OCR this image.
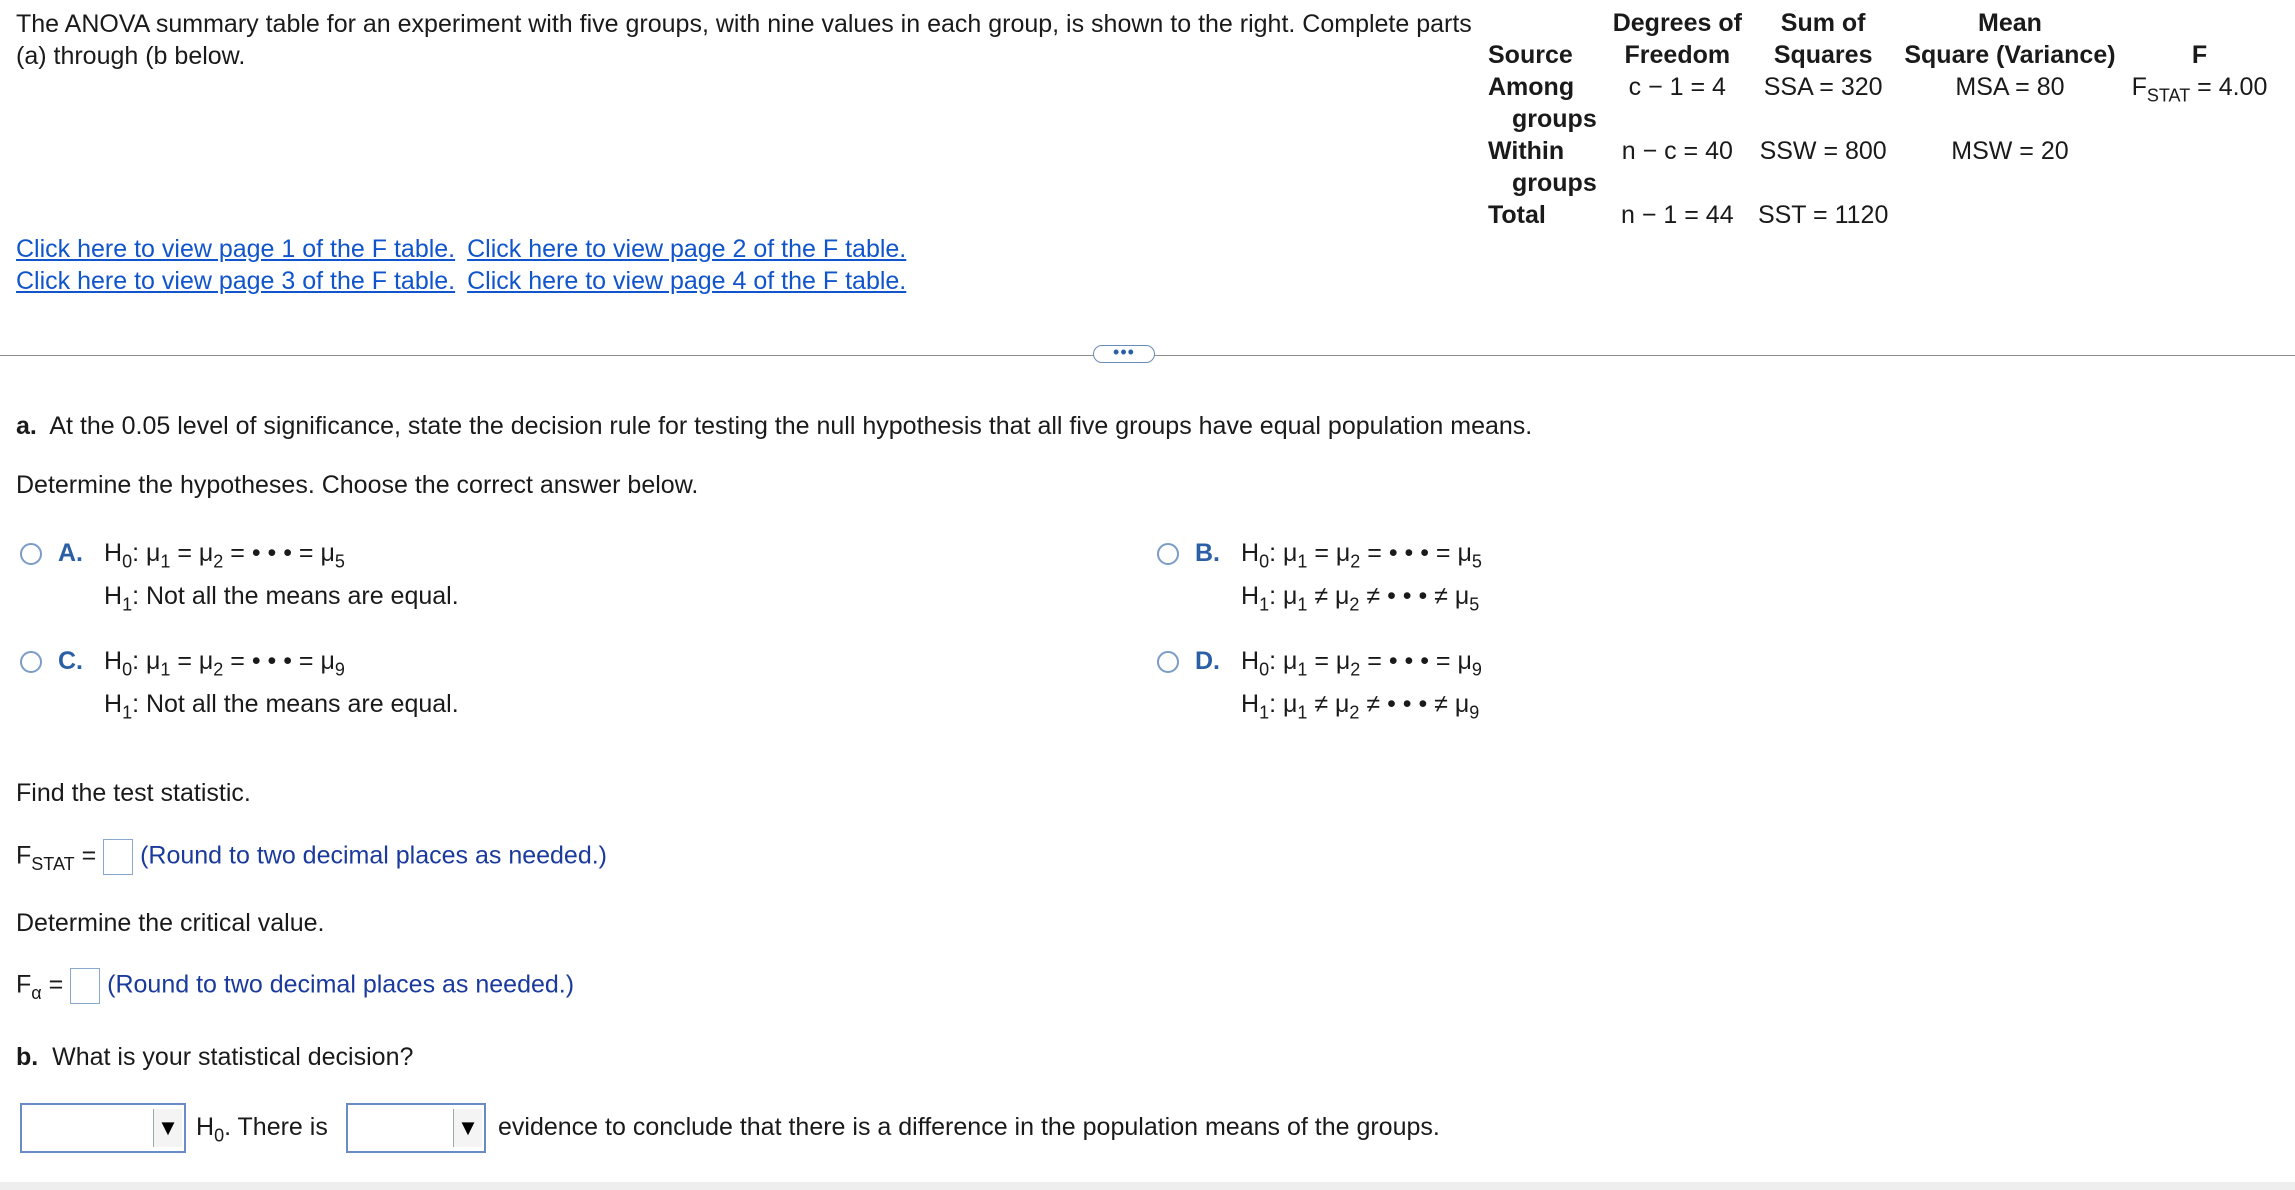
The ANOVA summary table for an experiment with five groups, with nine values in each group, is shown to the right. Complete parts (a) through (b below.
	Degrees of	Sum of	Mean	
Source	Freedom	Squares	Square (Variance)	F
Among
groups	c − 1 = 4	SSA = 320	MSA = 80	$F_{STAT} = 4.00$
Within
groups	n − c = 40	SSW = 800	MSW = 20	
Total	n − 1 = 44	SST = 1120		
Click here to view page 1 of the F table. Click here to view page 2 of the F table.
Click here to view page 3 of the F table. Click here to view page 4 of the F table.
•••
a. At the 0.05 level of significance, state the decision rule for testing the null hypothesis that all five groups have equal population means.
Determine the hypotheses. Choose the correct answer below.
A. $H_0$: $\mu_1 = \mu_2$ = • • • = $\mu_5$
$H_1$: Not all the means are equal.
B. $H_0$: $\mu_1 = \mu_2$ = • • • = $\mu_5$
$H_1$: $\mu_1 \ne \mu_2$ ≠ • • • ≠ $\mu_5$
C. $H_0$: $\mu_1 = \mu_2$ = • • • = $\mu_9$
$H_1$: Not all the means are equal.
D. $H_0$: $\mu_1 = \mu_2$ = • • • = $\mu_9$
$H_1$: $\mu_1 \ne \mu_2$ ≠ • • • ≠ $\mu_9$
Find the test statistic.
$F_{STAT}$ = (Round to two decimal places as needed.)
Determine the critical value.
$F_\alpha$ = (Round to two decimal places as needed.)
b. What is your statistical decision?
▼ $H_0$. There is	▼ evidence to conclude that there is a difference in the population means of the groups.
